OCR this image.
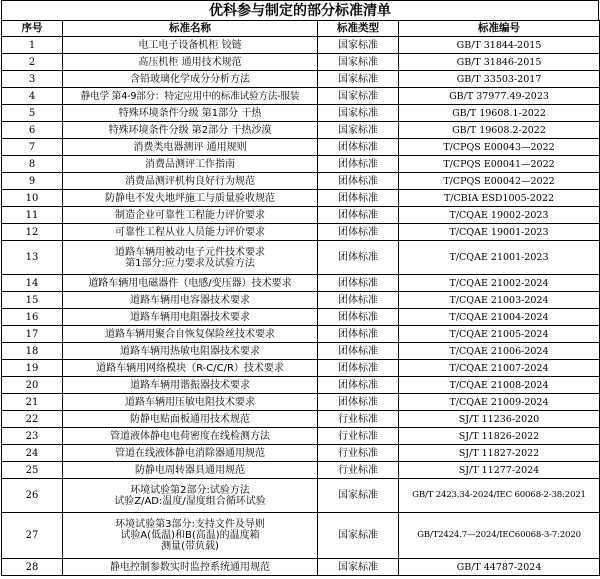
优科参与制定的部分标准清单
序号	标准名称	标准类型	标准编号
1	电工电子设备机柜 铰链	国家标准	GB/T 31844-2015
2	高压机柜 通用技术规范	国家标准	GB/T 31846-2015
3	含铅玻璃化学成分分析方法	国家标准	GB/T 33503-2017
4	静电学 第4-9部分：特定应用中的标准试验方法-服装	国家标准	GB/T 37977.49-2023
5	特殊环境条件分级 第1部分 干热	国家标准	GB/T 19608.1-2022
6	特殊环境条件分级 第2部分 干热沙漠	国家标准	GB/T 19608.2-2022
7	消费类电器测评 通用规则	团体标准	T/CPQS E00043—2022
8	消费品测评工作指南	团体标准	T/CPQS E00041—2022
9	消费品测评机构良好行为规范	团体标准	T/CPQS E00042—2022
10	防静电不发火地坪施工与质量验收规范	团体标准	T/CBIA ESD1005-2022
11	制造企业可靠性工程能力评价要求	团体标准	T/CQAE 19002-2023
12	可靠性工程从业人员能力评价要求	团体标准	T/CQAE 19001-2023
13	道路车辆用被动电子元件技术要求
第1部分:应力要求及试验方法	团体标准	T/CQAE 21001-2023
14	道路车辆用电磁器件（电感/变压器）技术要求	团体标准	T/CQAE 21002-2024
15	道路车辆用电容器技术要求	团体标准	T/CQAE 21003-2024
16	道路车辆用电阻器技术要求	团体标准	T/CQAE 21004-2024
17	道路车辆用聚合自恢复保险丝技术要求	团体标准	T/CQAE 21005-2024
18	道路车辆用热敏电阻器技术要求	团体标准	T/CQAE 21006-2024
19	道路车辆用网络模块（R-C/C/R）技术要求	团体标准	T/CQAE 21007-2024
20	道路车辆用谐振器技术要求	团体标准	T/CQAE 21008-2024
21	道路车辆用压敏电阻技术要求	团体标准	T/CQAE 21009-2024
22	防静电贴面板通用技术规范	行业标准	SJ/T 11236-2020
23	管道液体静电电荷密度在线检测方法	行业标准	SJ/T 11826-2022
24	管道在线液体静电消除器通用规范	行业标准	SJ/T 11827-2022
25	防静电周转器具通用规范	行业标准	SJ/T 11277-2024
26	环境试验第2部分:试验方法
试验Z/AD:温度/湿度组合循环试验	国家标准	GB/T 2423.34-2024/IEC 60068-2-38:2021
27	环境试验第3部分:支持文件及导则
试验A(低温)和B(高温)的温度箱
测量(带负载)	国家标准	GB/T2424.7—2024/IEC60068-3-7:2020
28	静电控制参数实时监控系统通用规范	国家标准	GB/T 44787-2024
